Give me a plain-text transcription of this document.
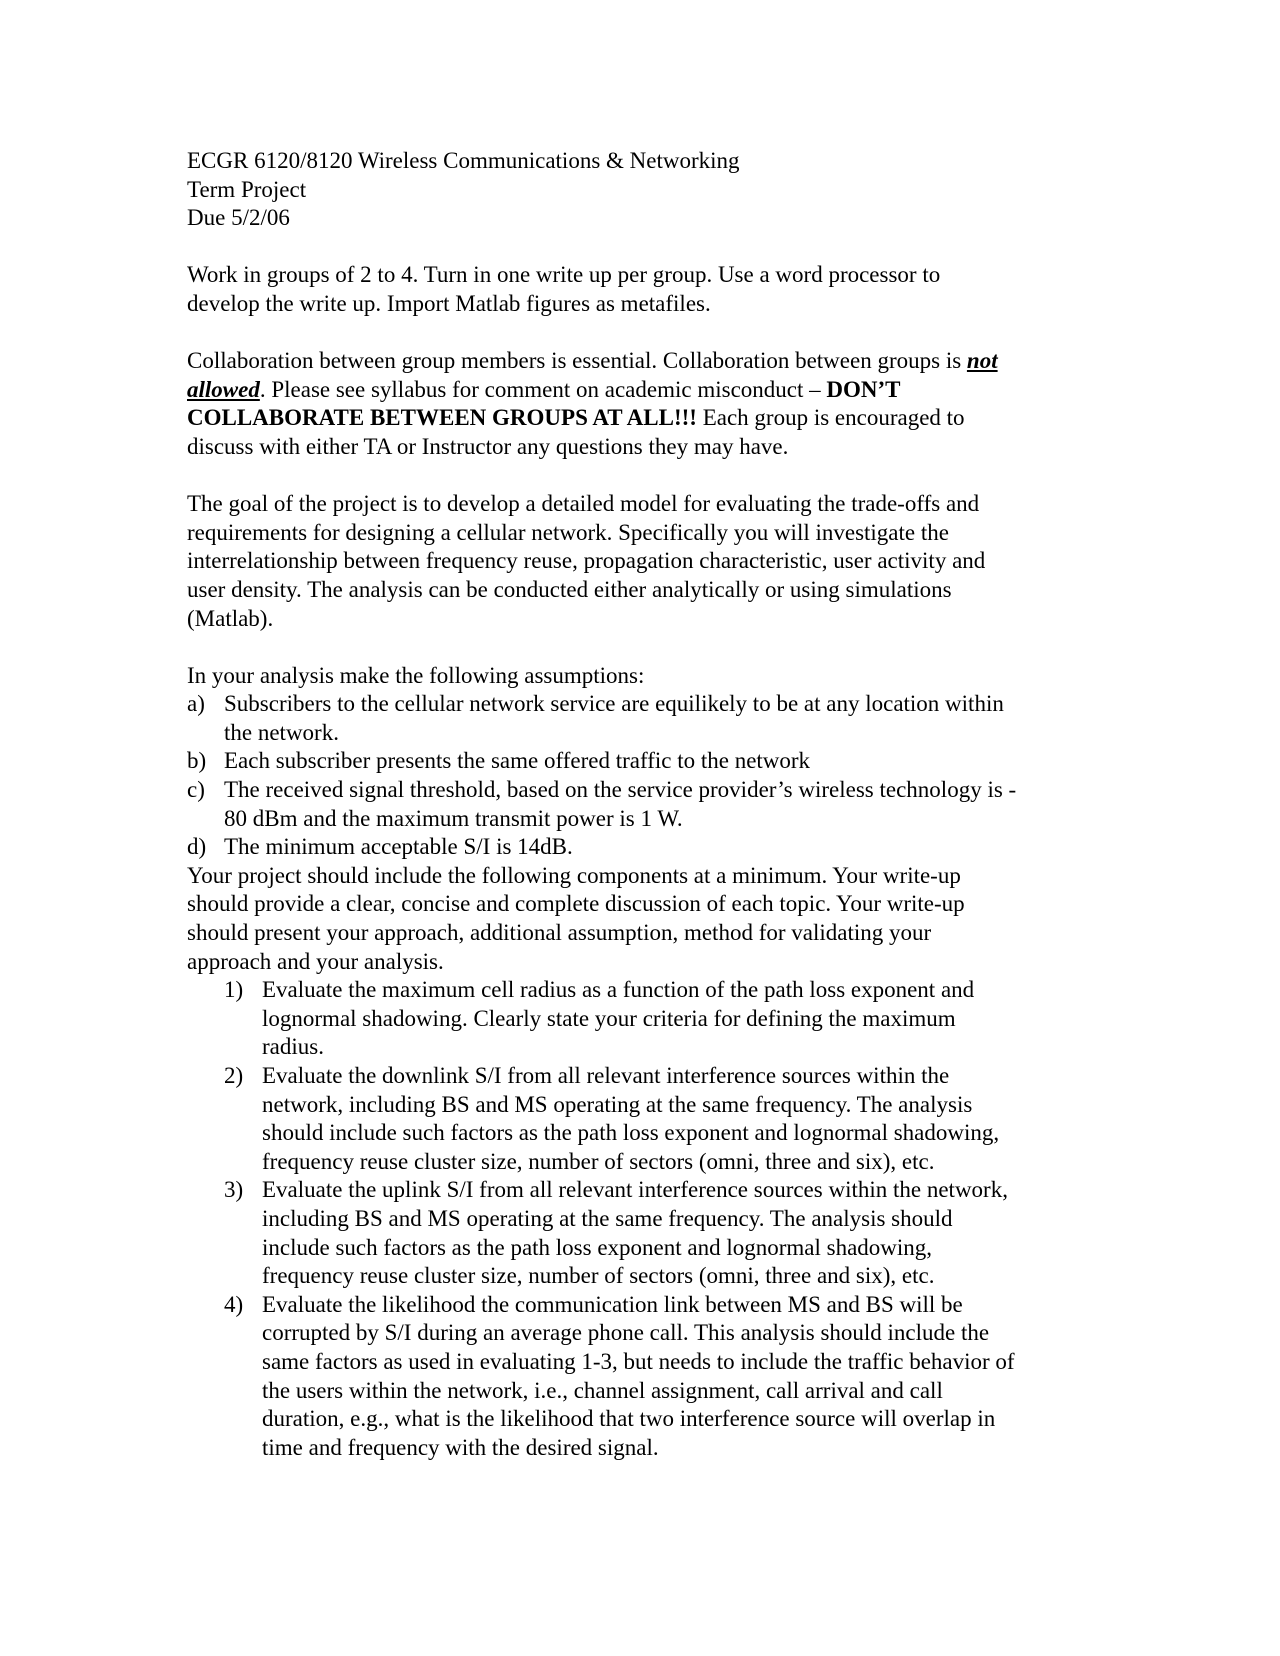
ECGR 6120/8120 Wireless Communications & Networking
Term Project
Due 5/2/06
Work in groups of 2 to 4. Turn in one write up per group. Use a word processor to
develop the write up. Import Matlab figures as metafiles.
Collaboration between group members is essential. Collaboration between groups is not
allowed. Please see syllabus for comment on academic misconduct – DON’T
COLLABORATE BETWEEN GROUPS AT ALL!!! Each group is encouraged to
discuss with either TA or Instructor any questions they may have.
The goal of the project is to develop a detailed model for evaluating the trade-offs and
requirements for designing a cellular network. Specifically you will investigate the
interrelationship between frequency reuse, propagation characteristic, user activity and
user density. The analysis can be conducted either analytically or using simulations
(Matlab).
In your analysis make the following assumptions:
a) Subscribers to the cellular network service are equilikely to be at any location within
the network.
b) Each subscriber presents the same offered traffic to the network
c) The received signal threshold, based on the service provider’s wireless technology is -
80 dBm and the maximum transmit power is 1 W.
d) The minimum acceptable S/I is 14dB.
Your project should include the following components at a minimum. Your write-up
should provide a clear, concise and complete discussion of each topic. Your write-up
should present your approach, additional assumption, method for validating your
approach and your analysis.
1) Evaluate the maximum cell radius as a function of the path loss exponent and
lognormal shadowing. Clearly state your criteria for defining the maximum
radius.
2) Evaluate the downlink S/I from all relevant interference sources within the
network, including BS and MS operating at the same frequency. The analysis
should include such factors as the path loss exponent and lognormal shadowing,
frequency reuse cluster size, number of sectors (omni, three and six), etc.
3) Evaluate the uplink S/I from all relevant interference sources within the network,
including BS and MS operating at the same frequency. The analysis should
include such factors as the path loss exponent and lognormal shadowing,
frequency reuse cluster size, number of sectors (omni, three and six), etc.
4) Evaluate the likelihood the communication link between MS and BS will be
corrupted by S/I during an average phone call. This analysis should include the
same factors as used in evaluating 1-3, but needs to include the traffic behavior of
the users within the network, i.e., channel assignment, call arrival and call
duration, e.g., what is the likelihood that two interference source will overlap in
time and frequency with the desired signal.
